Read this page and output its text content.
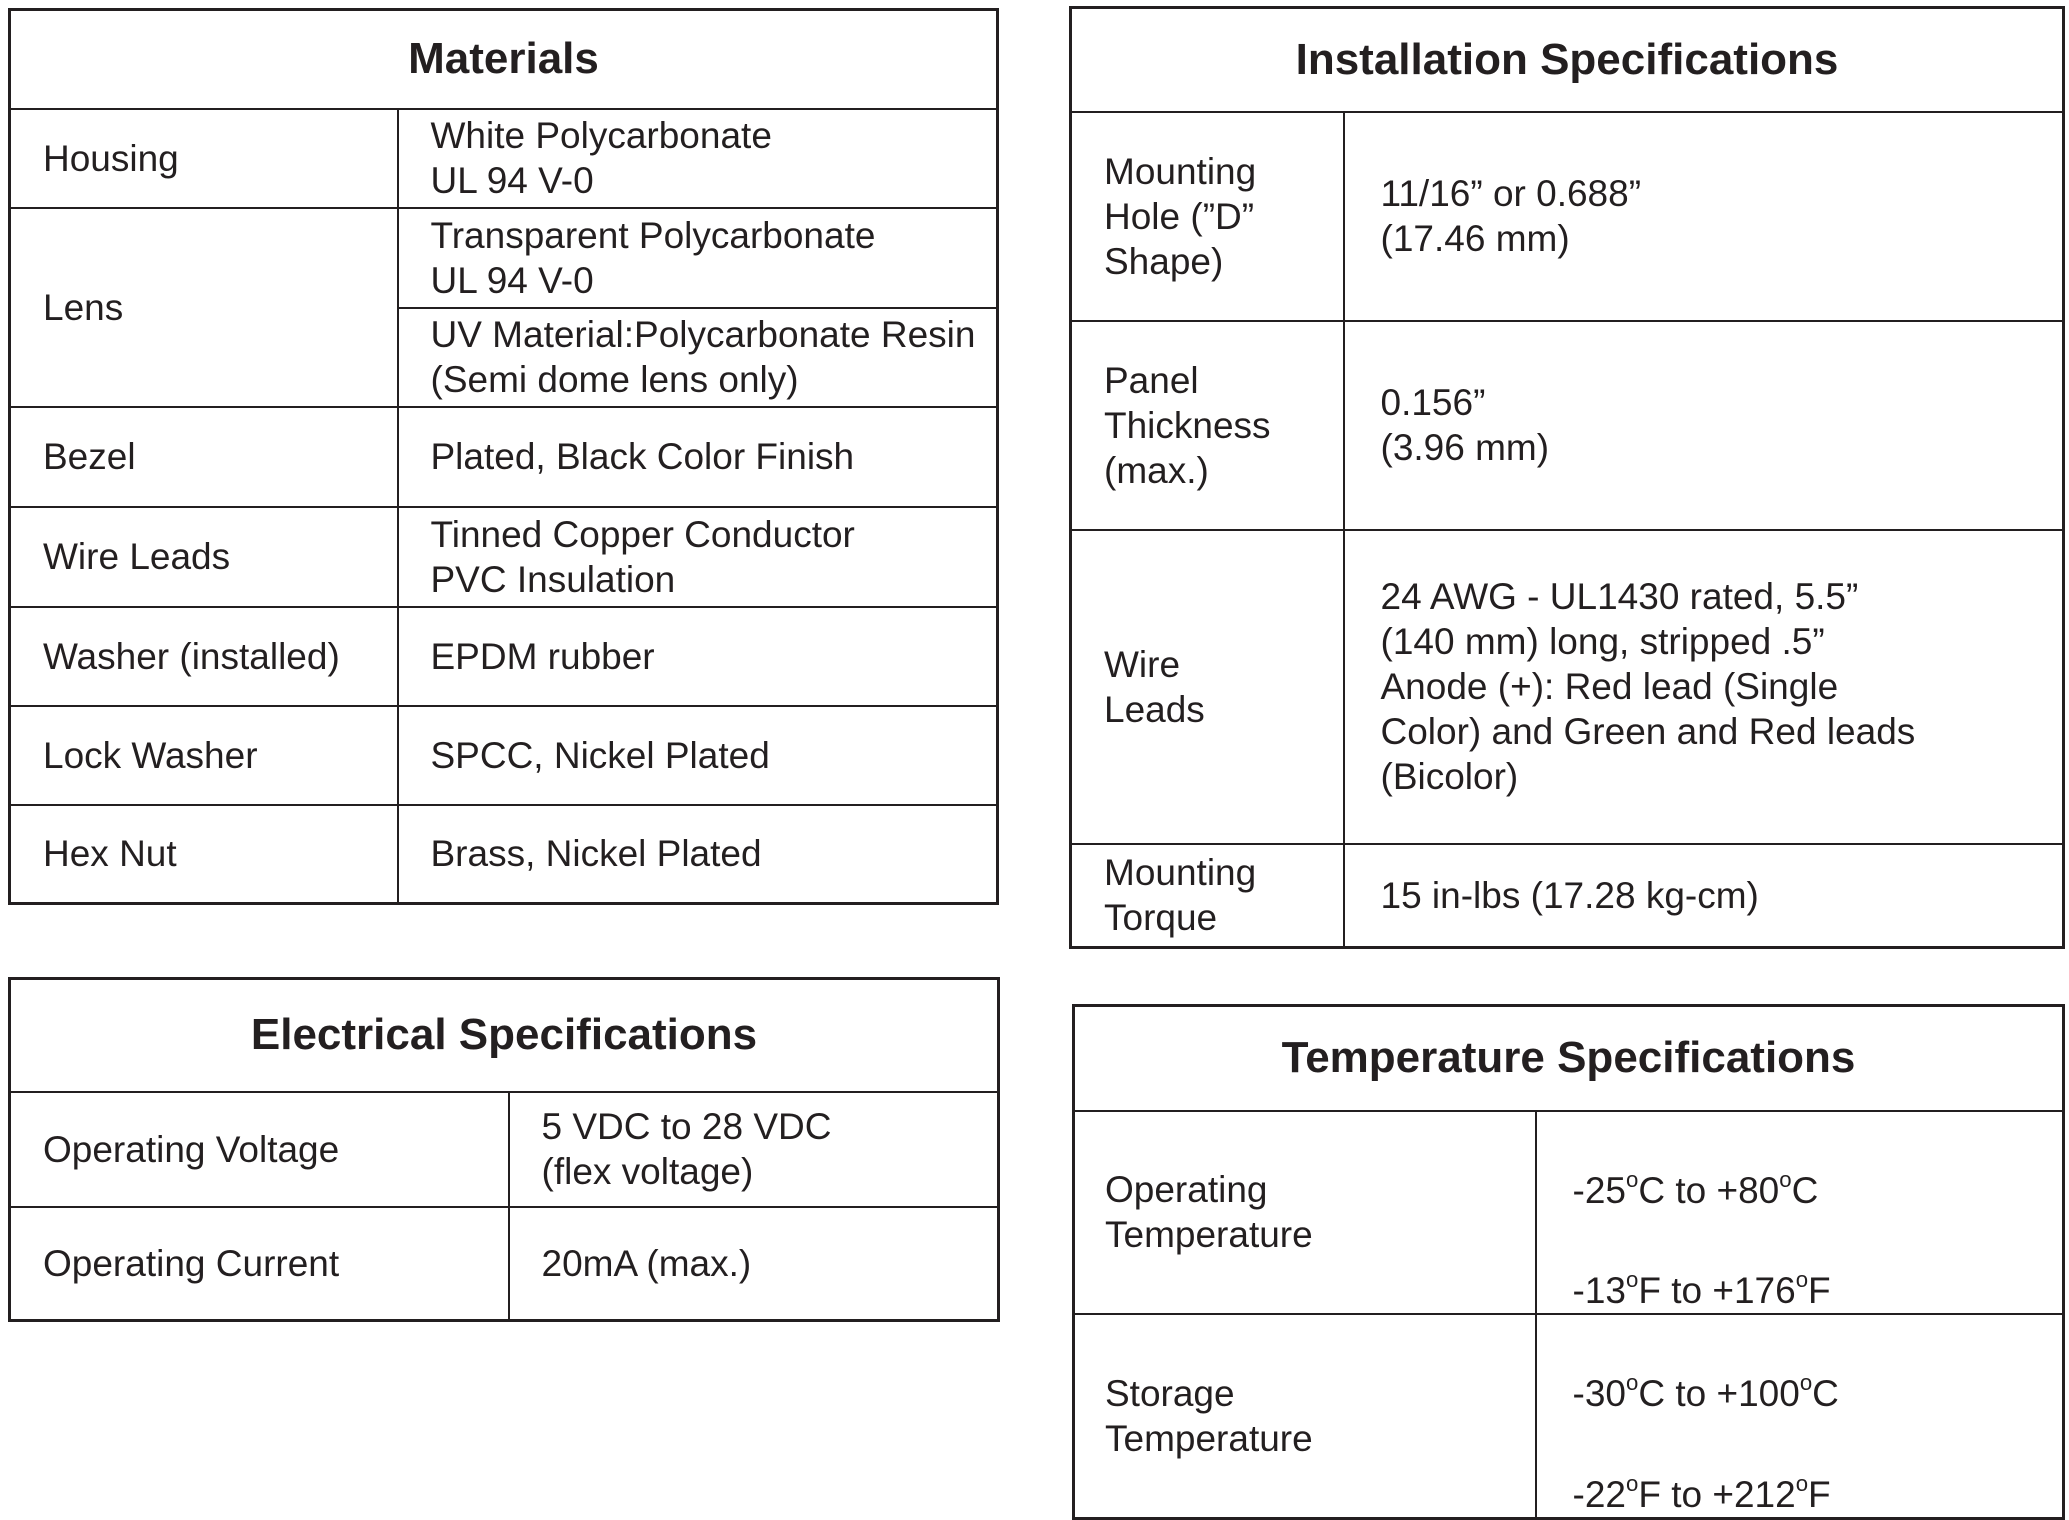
Materials	
Housing	White Polycarbonate
UL 94 V-0
Lens	Transparent Polycarbonate
UL 94 V-0
	UV Material:Polycarbonate Resin
(Semi dome lens only)
Bezel	Plated, Black Color Finish
Wire Leads	Tinned Copper Conductor
PVC Insulation
Washer (installed)	EPDM rubber
Lock Washer	SPCC, Nickel Plated
Hex Nut	Brass, Nickel Plated
Installation Specifications	
Mounting
Hole (”D”
Shape)	11/16” or 0.688”
(17.46 mm)
Panel
Thickness
(max.)	0.156”
(3.96 mm)
Wire
Leads	24 AWG - UL1430 rated, 5.5”
(140 mm) long, stripped .5”
Anode (+): Red lead (Single
Color) and Green and Red leads
(Bicolor)
Mounting
Torque	15 in-lbs (17.28 kg-cm)
Electrical Specifications	
Operating Voltage	5 VDC to 28 VDC
(flex voltage)
Operating Current	20mA (max.)
Temperature Specifications	
Operating
Temperature	-25$^o$C to $+80^oC$

-13$^o$F to $+176^oF$

Storage
Temperature	-30$^o$C to $+100^oC$

-22$^o$F to $+212^oF$
